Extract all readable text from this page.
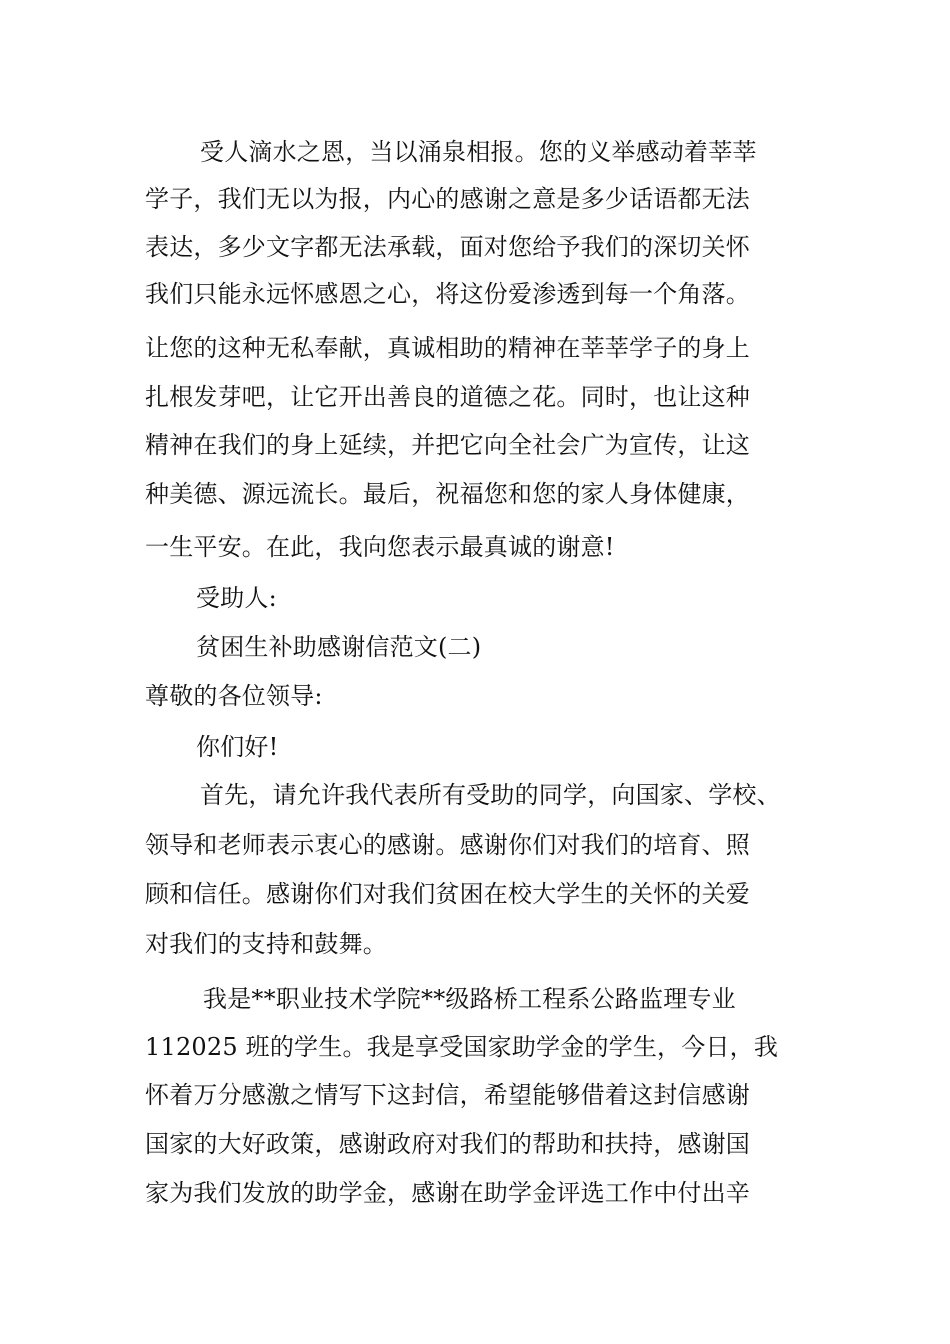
受人滴水之恩，当以涌泉相报。您的义举感动着莘莘
学子，我们无以为报，内心的感谢之意是多少话语都无法
表达，多少文字都无法承载，面对您给予我们的深切关怀
我们只能永远怀感恩之心，将这份爱渗透到每一个角落。
让您的这种无私奉献，真诚相助的精神在莘莘学子的身上
扎根发芽吧，让它开出善良的道德之花。同时，也让这种
精神在我们的身上延续，并把它向全社会广为宣传，让这
种美德、源远流长。最后，祝福您和您的家人身体健康，
一生平安。在此，我向您表示最真诚的谢意!
受助人:
贫困生补助感谢信范文(二)
尊敬的各位领导:
你们好!
首先，请允许我代表所有受助的同学，向国家、学校、
领导和老师表示衷心的感谢。感谢你们对我们的培育、照
顾和信任。感谢你们对我们贫困在校大学生的关怀的关爱
对我们的支持和鼓舞。
我是**职业技术学院**级路桥工程系公路监理专业
112025 班的学生。我是享受国家助学金的学生，今日，我
怀着万分感激之情写下这封信，希望能够借着这封信感谢
国家的大好政策，感谢政府对我们的帮助和扶持，感谢国
家为我们发放的助学金，感谢在助学金评选工作中付出辛
